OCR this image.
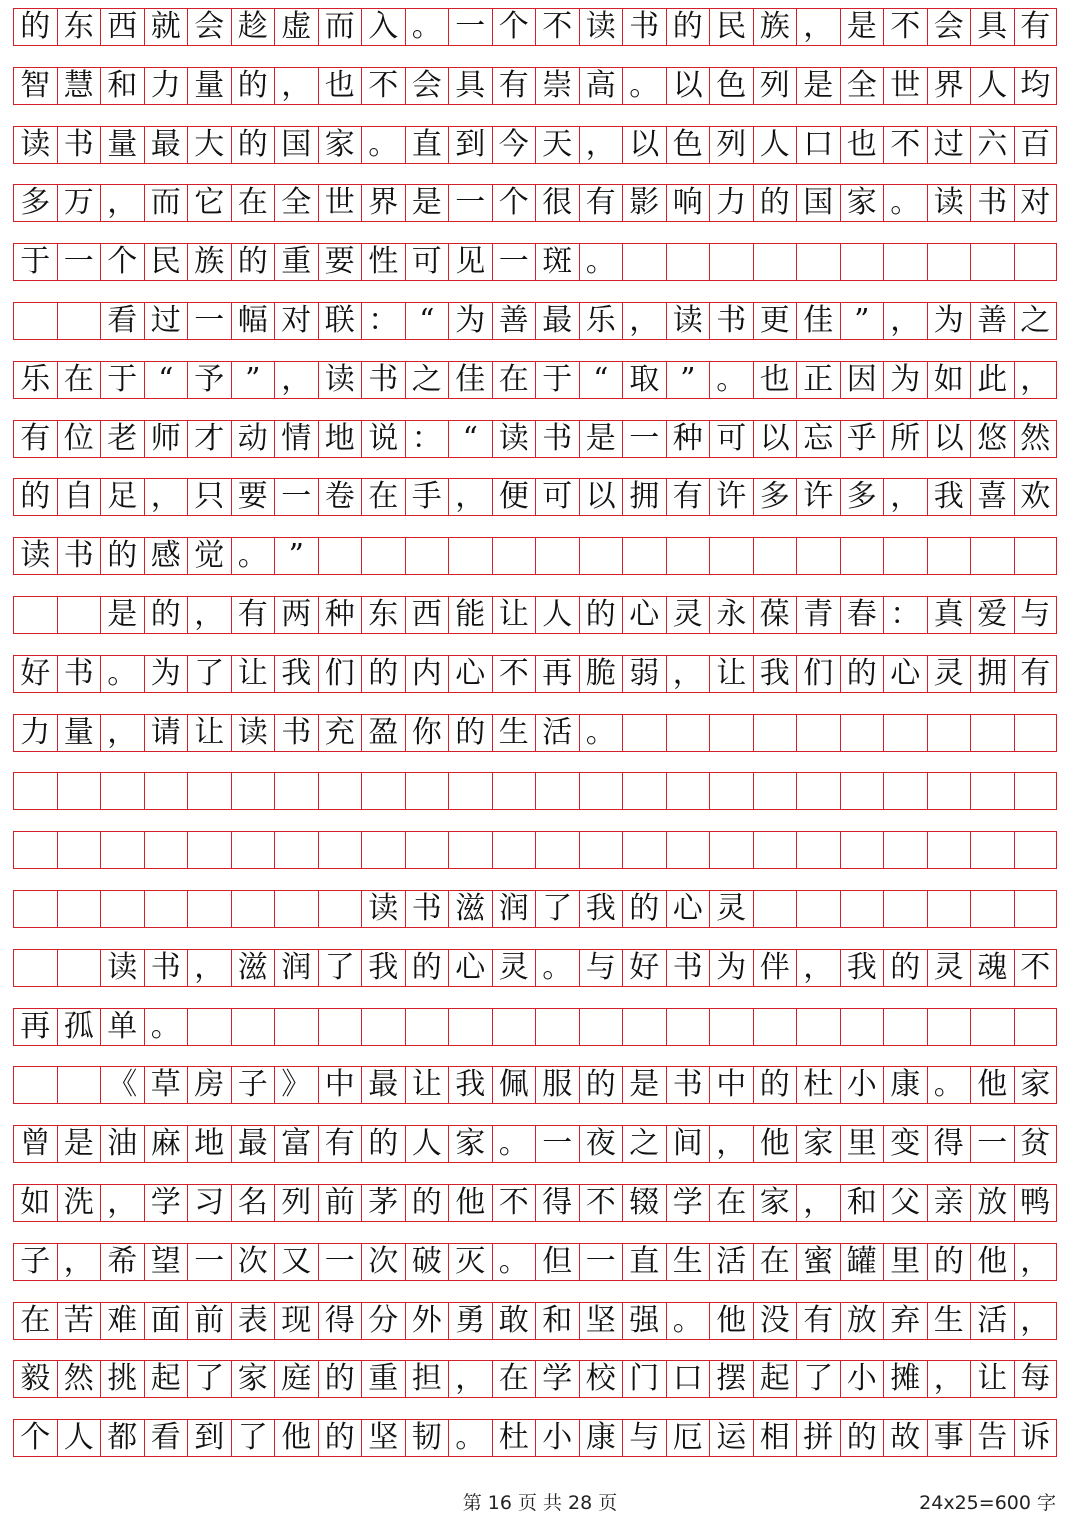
的 东 西 就 会 趁 虚 而 入 。 一 个 不 读 书 的 民 族 ， 是 不 会 具 有
智 慧 和 力 量 的 ， 也 不 会 具 有 崇 高 。 以 色 列 是 全 世 界 人 均
读 书 量 最 大 的 国 家 。 直 到 今 天 ， 以 色 列 人 口 也 不 过 六 百
多 万 ， 而 它 在 全 世 界 是 一 个 很 有 影 响 力 的 国 家 。 读 书 对
于 一 个 民 族 的 重 要 性 可 见 一 斑 。
看 过 一 幅 对 联 ： “ 为 善 最 乐 ， 读 书 更 佳 ” ， 为 善 之
乐 在 于 “ 予 ” ， 读 书 之 佳 在 于 “ 取 ” 。 也 正 因 为 如 此 ，
有 位 老 师 才 动 情 地 说 ： “ 读 书 是 一 种 可 以 忘 乎 所 以 悠 然
的 自 足 ， 只 要 一 卷 在 手 ， 便 可 以 拥 有 许 多 许 多 ， 我 喜 欢
读 书 的 感 觉 。 ”
是 的 ， 有 两 种 东 西 能 让 人 的 心 灵 永 葆 青 春 ： 真 爱 与
好 书 。 为 了 让 我 们 的 内 心 不 再 脆 弱 ， 让 我 们 的 心 灵 拥 有
力 量 ， 请 让 读 书 充 盈 你 的 生 活 。
读 书 滋 润 了 我 的 心 灵
读 书 ， 滋 润 了 我 的 心 灵 。 与 好 书 为 伴 ， 我 的 灵 魂 不
再 孤 单 。
《 草 房 子 》 中 最 让 我 佩 服 的 是 书 中 的 杜 小 康 。 他 家
曾 是 油 麻 地 最 富 有 的 人 家 。 一 夜 之 间 ， 他 家 里 变 得 一 贫
如 洗 ， 学 习 名 列 前 茅 的 他 不 得 不 辍 学 在 家 ， 和 父 亲 放 鸭
子 ， 希 望 一 次 又 一 次 破 灭 。 但 一 直 生 活 在 蜜 罐 里 的 他 ，
在 苦 难 面 前 表 现 得 分 外 勇 敢 和 坚 强 。 他 没 有 放 弃 生 活 ，
毅 然 挑 起 了 家 庭 的 重 担 ， 在 学 校 门 口 摆 起 了 小 摊 ， 让 每
个 人 都 看 到 了 他 的 坚 韧 。 杜 小 康 与 厄 运 相 拼 的 故 事 告 诉
第 16 页 共 28 页	24x25=600 字
